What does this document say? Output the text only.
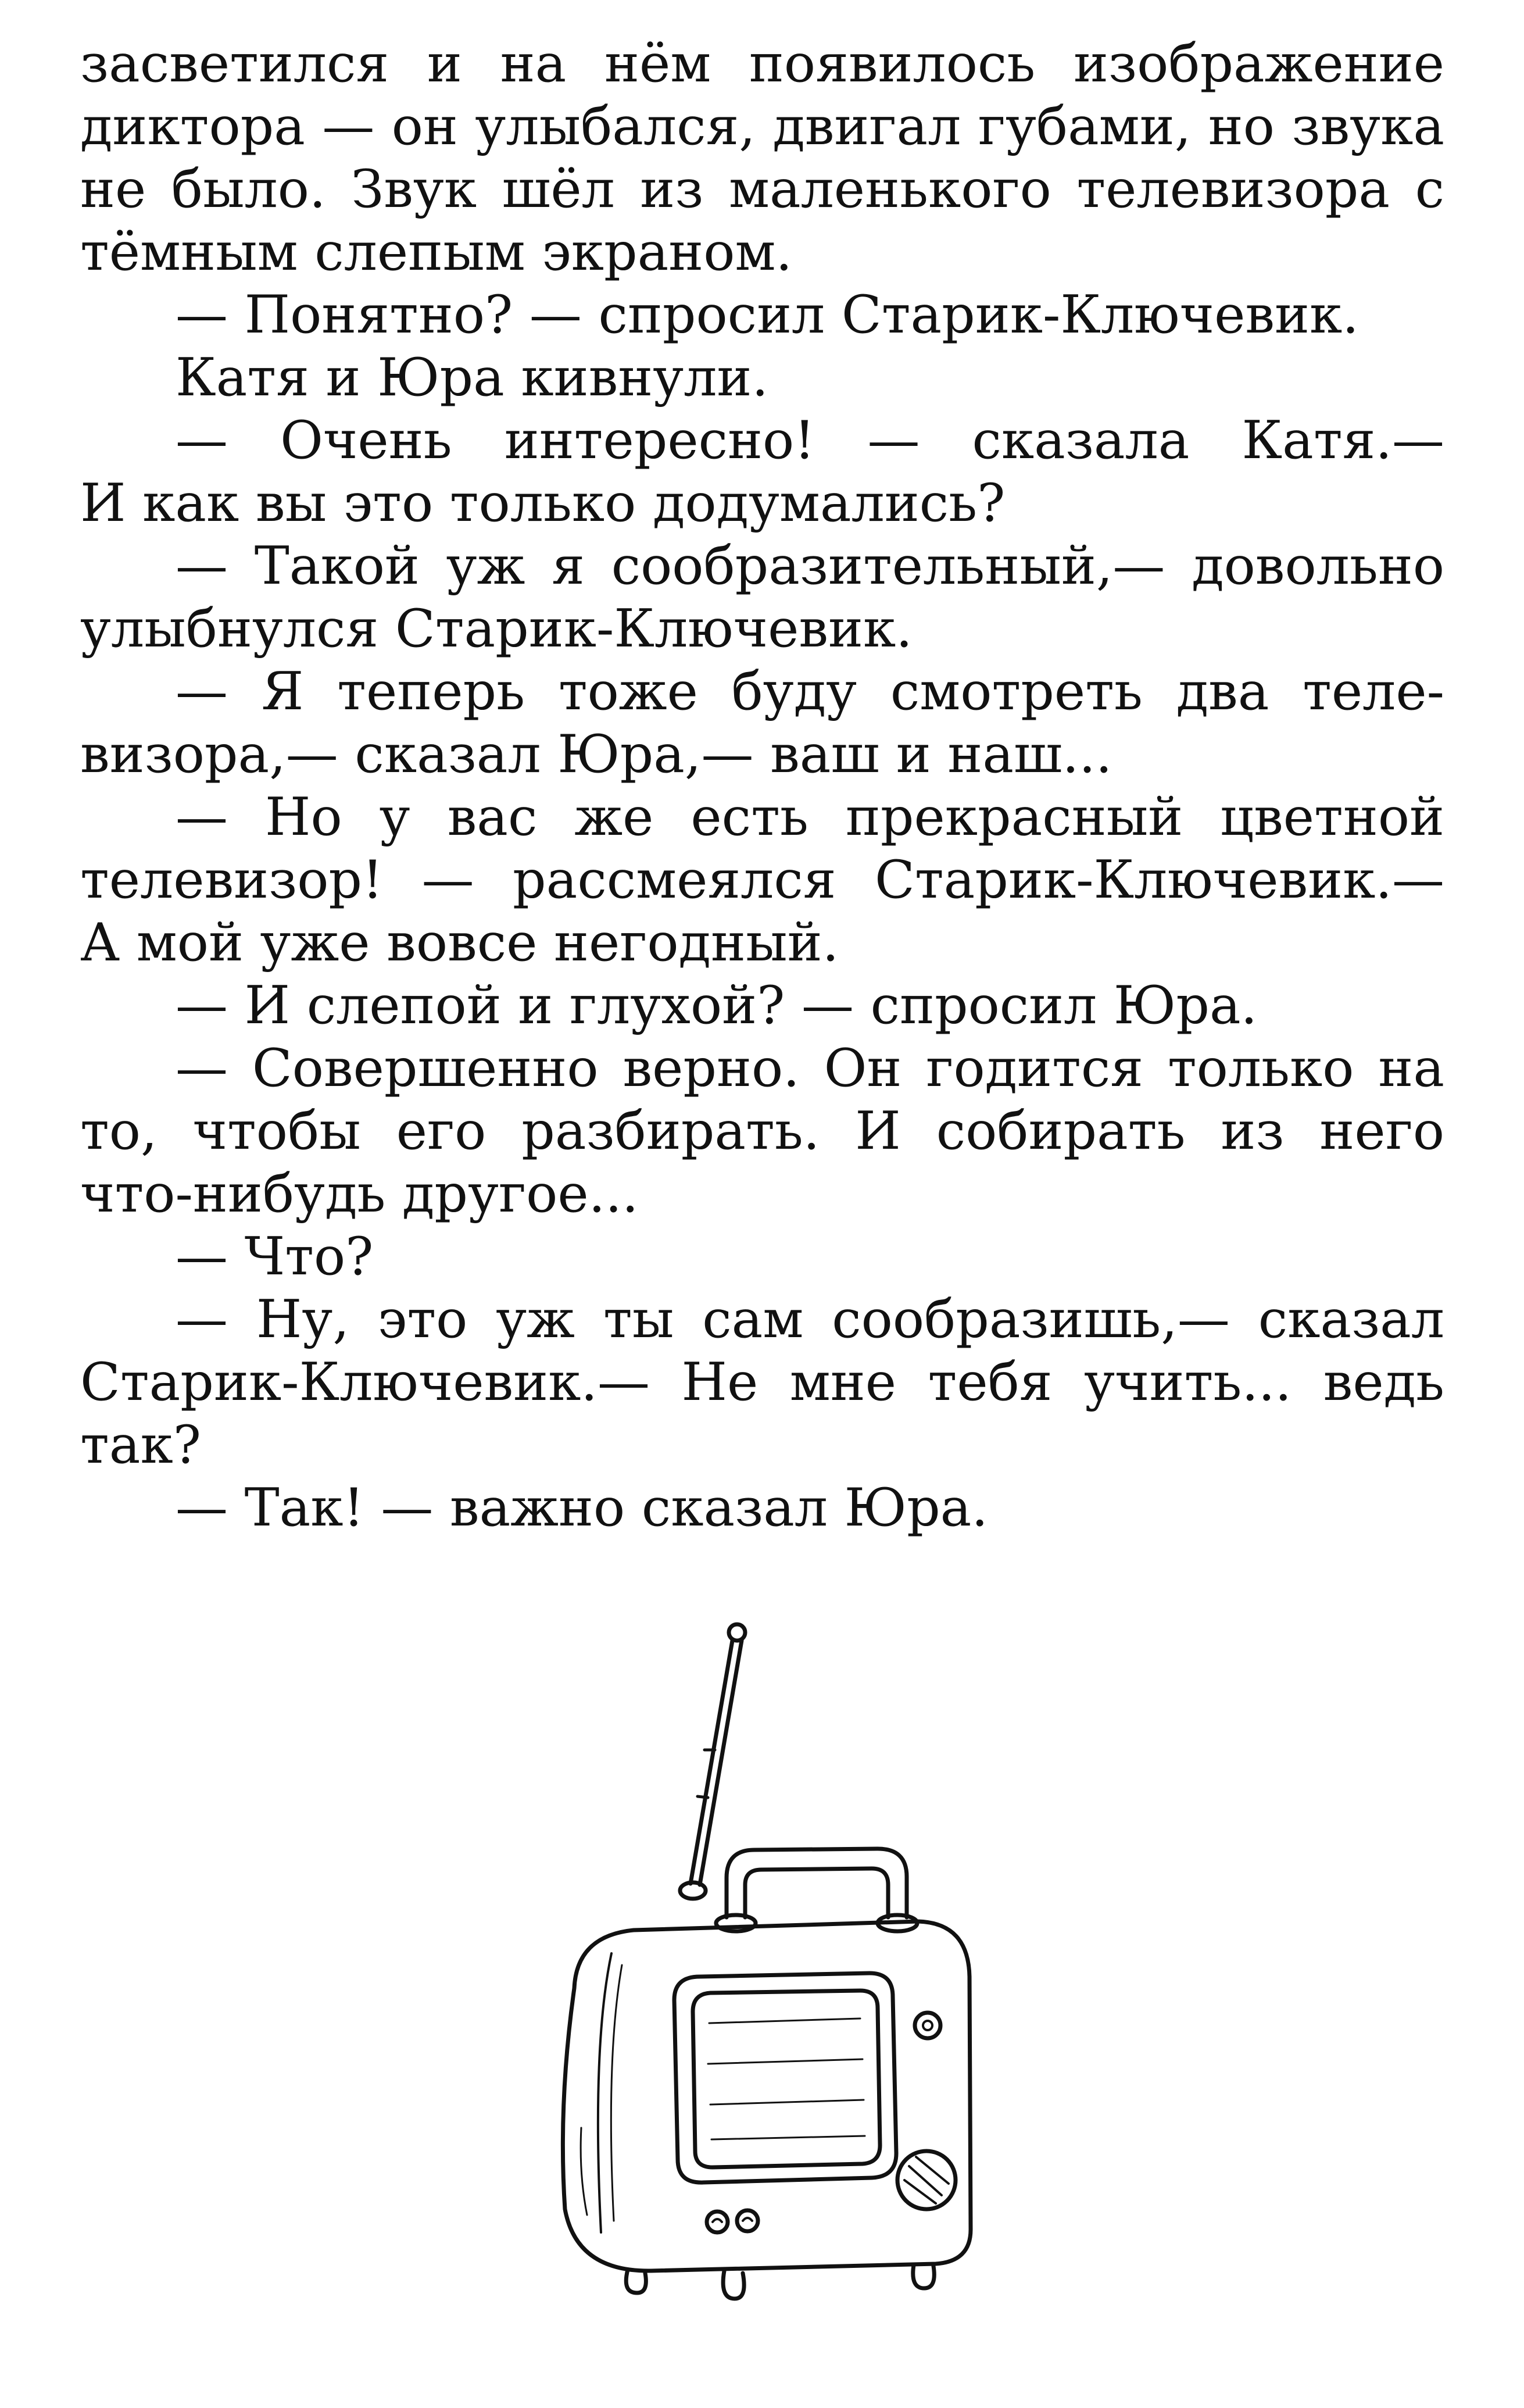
засветился и на нём появилось изображение
диктора — он улыбался, двигал губами, но звука
не было. Звук шёл из маленького телевизора с
тёмным слепым экраном.
— Понятно? — спросил Старик-Ключевик.
Катя и Юра кивнули.
— Очень интересно! — сказала Катя.—
И как вы это только додумались?
— Такой уж я сообразительный,— довольно
улыбнулся Старик-Ключевик.
— Я теперь тоже буду смотреть два теле-
визора,— сказал Юра,— ваш и наш...
— Но у вас же есть прекрасный цветной
телевизор! — рассмеялся Старик-Ключевик.—
А мой уже вовсе негодный.
— И слепой и глухой? — спросил Юра.
— Совершенно верно. Он годится только на
то, чтобы его разбирать. И собирать из него
что-нибудь другое...
— Что?
— Ну, это уж ты сам сообразишь,— сказал
Старик-Ключевик.— Не мне тебя учить... ведь
так?
— Так! — важно сказал Юра.
